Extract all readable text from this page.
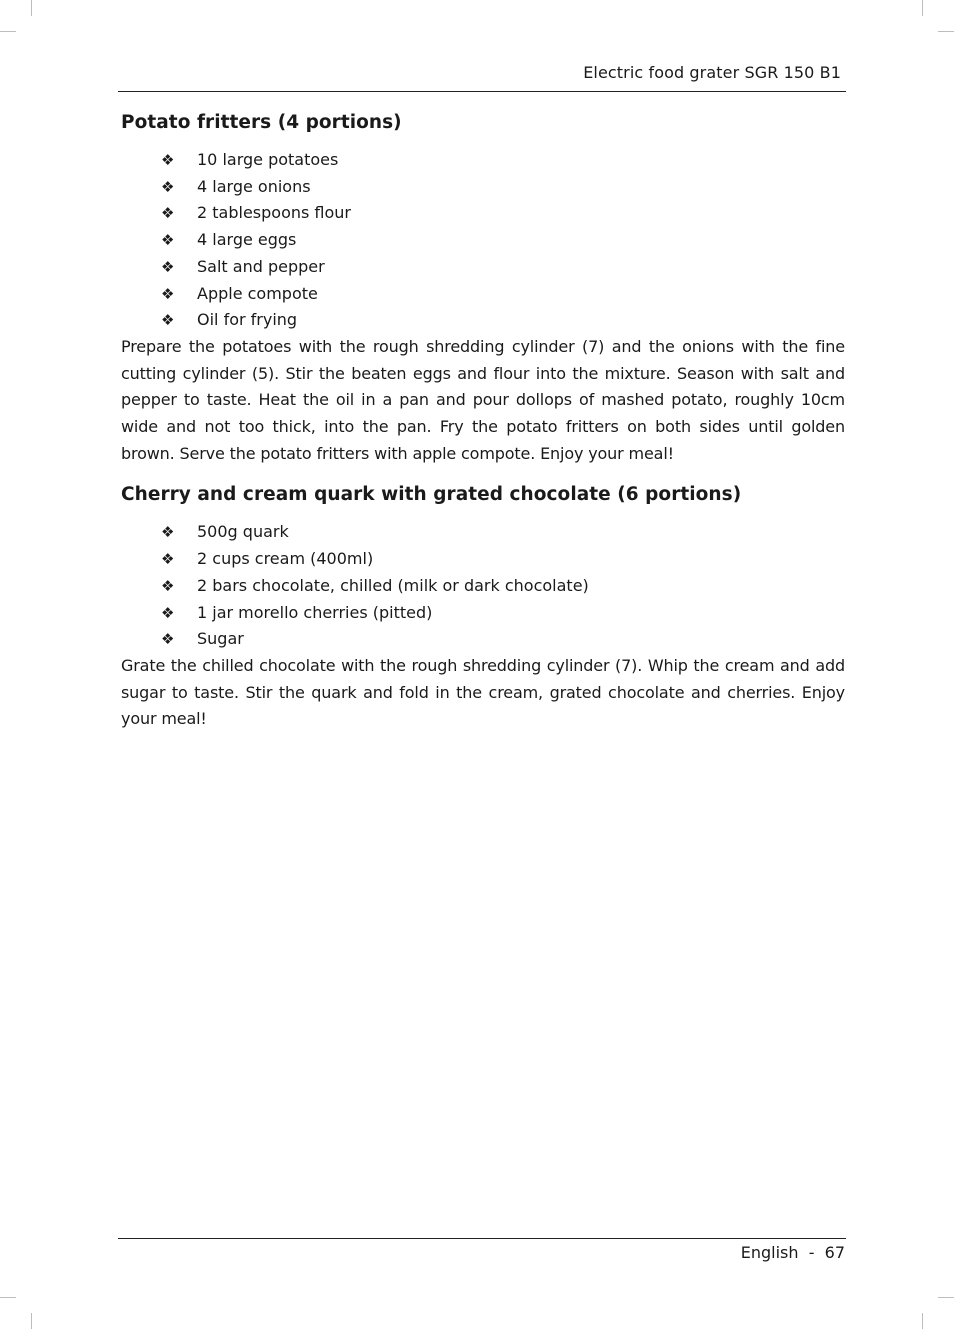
Electric food grater SGR 150 B1
Potato fritters (4 portions)
❖ 10 large potatoes
❖ 4 large onions
❖ 2 tablespoons flour
❖ 4 large eggs
❖ Salt and pepper
❖ Apple compote
❖ Oil for frying

Prepare the potatoes with the rough shredding cylinder (7) and the onions with the fine cutting cylinder (5). Stir the beaten eggs and flour into the mixture. Season with salt and pepper to taste. Heat the oil in a pan and pour dollops of mashed potato, roughly 10cm wide and not too thick, into the pan. Fry the potato fritters on both sides until golden brown. Serve the potato fritters with apple compote. Enjoy your meal!

Cherry and cream quark with grated chocolate (6 portions)
❖ 500g quark
❖ 2 cups cream (400ml)
❖ 2 bars chocolate, chilled (milk or dark chocolate)
❖ 1 jar morello cherries (pitted)
❖ Sugar

Grate the chilled chocolate with the rough shredding cylinder (7). Whip the cream and add sugar to taste. Stir the quark and fold in the cream, grated chocolate and cherries. Enjoy your meal!

English - 67
